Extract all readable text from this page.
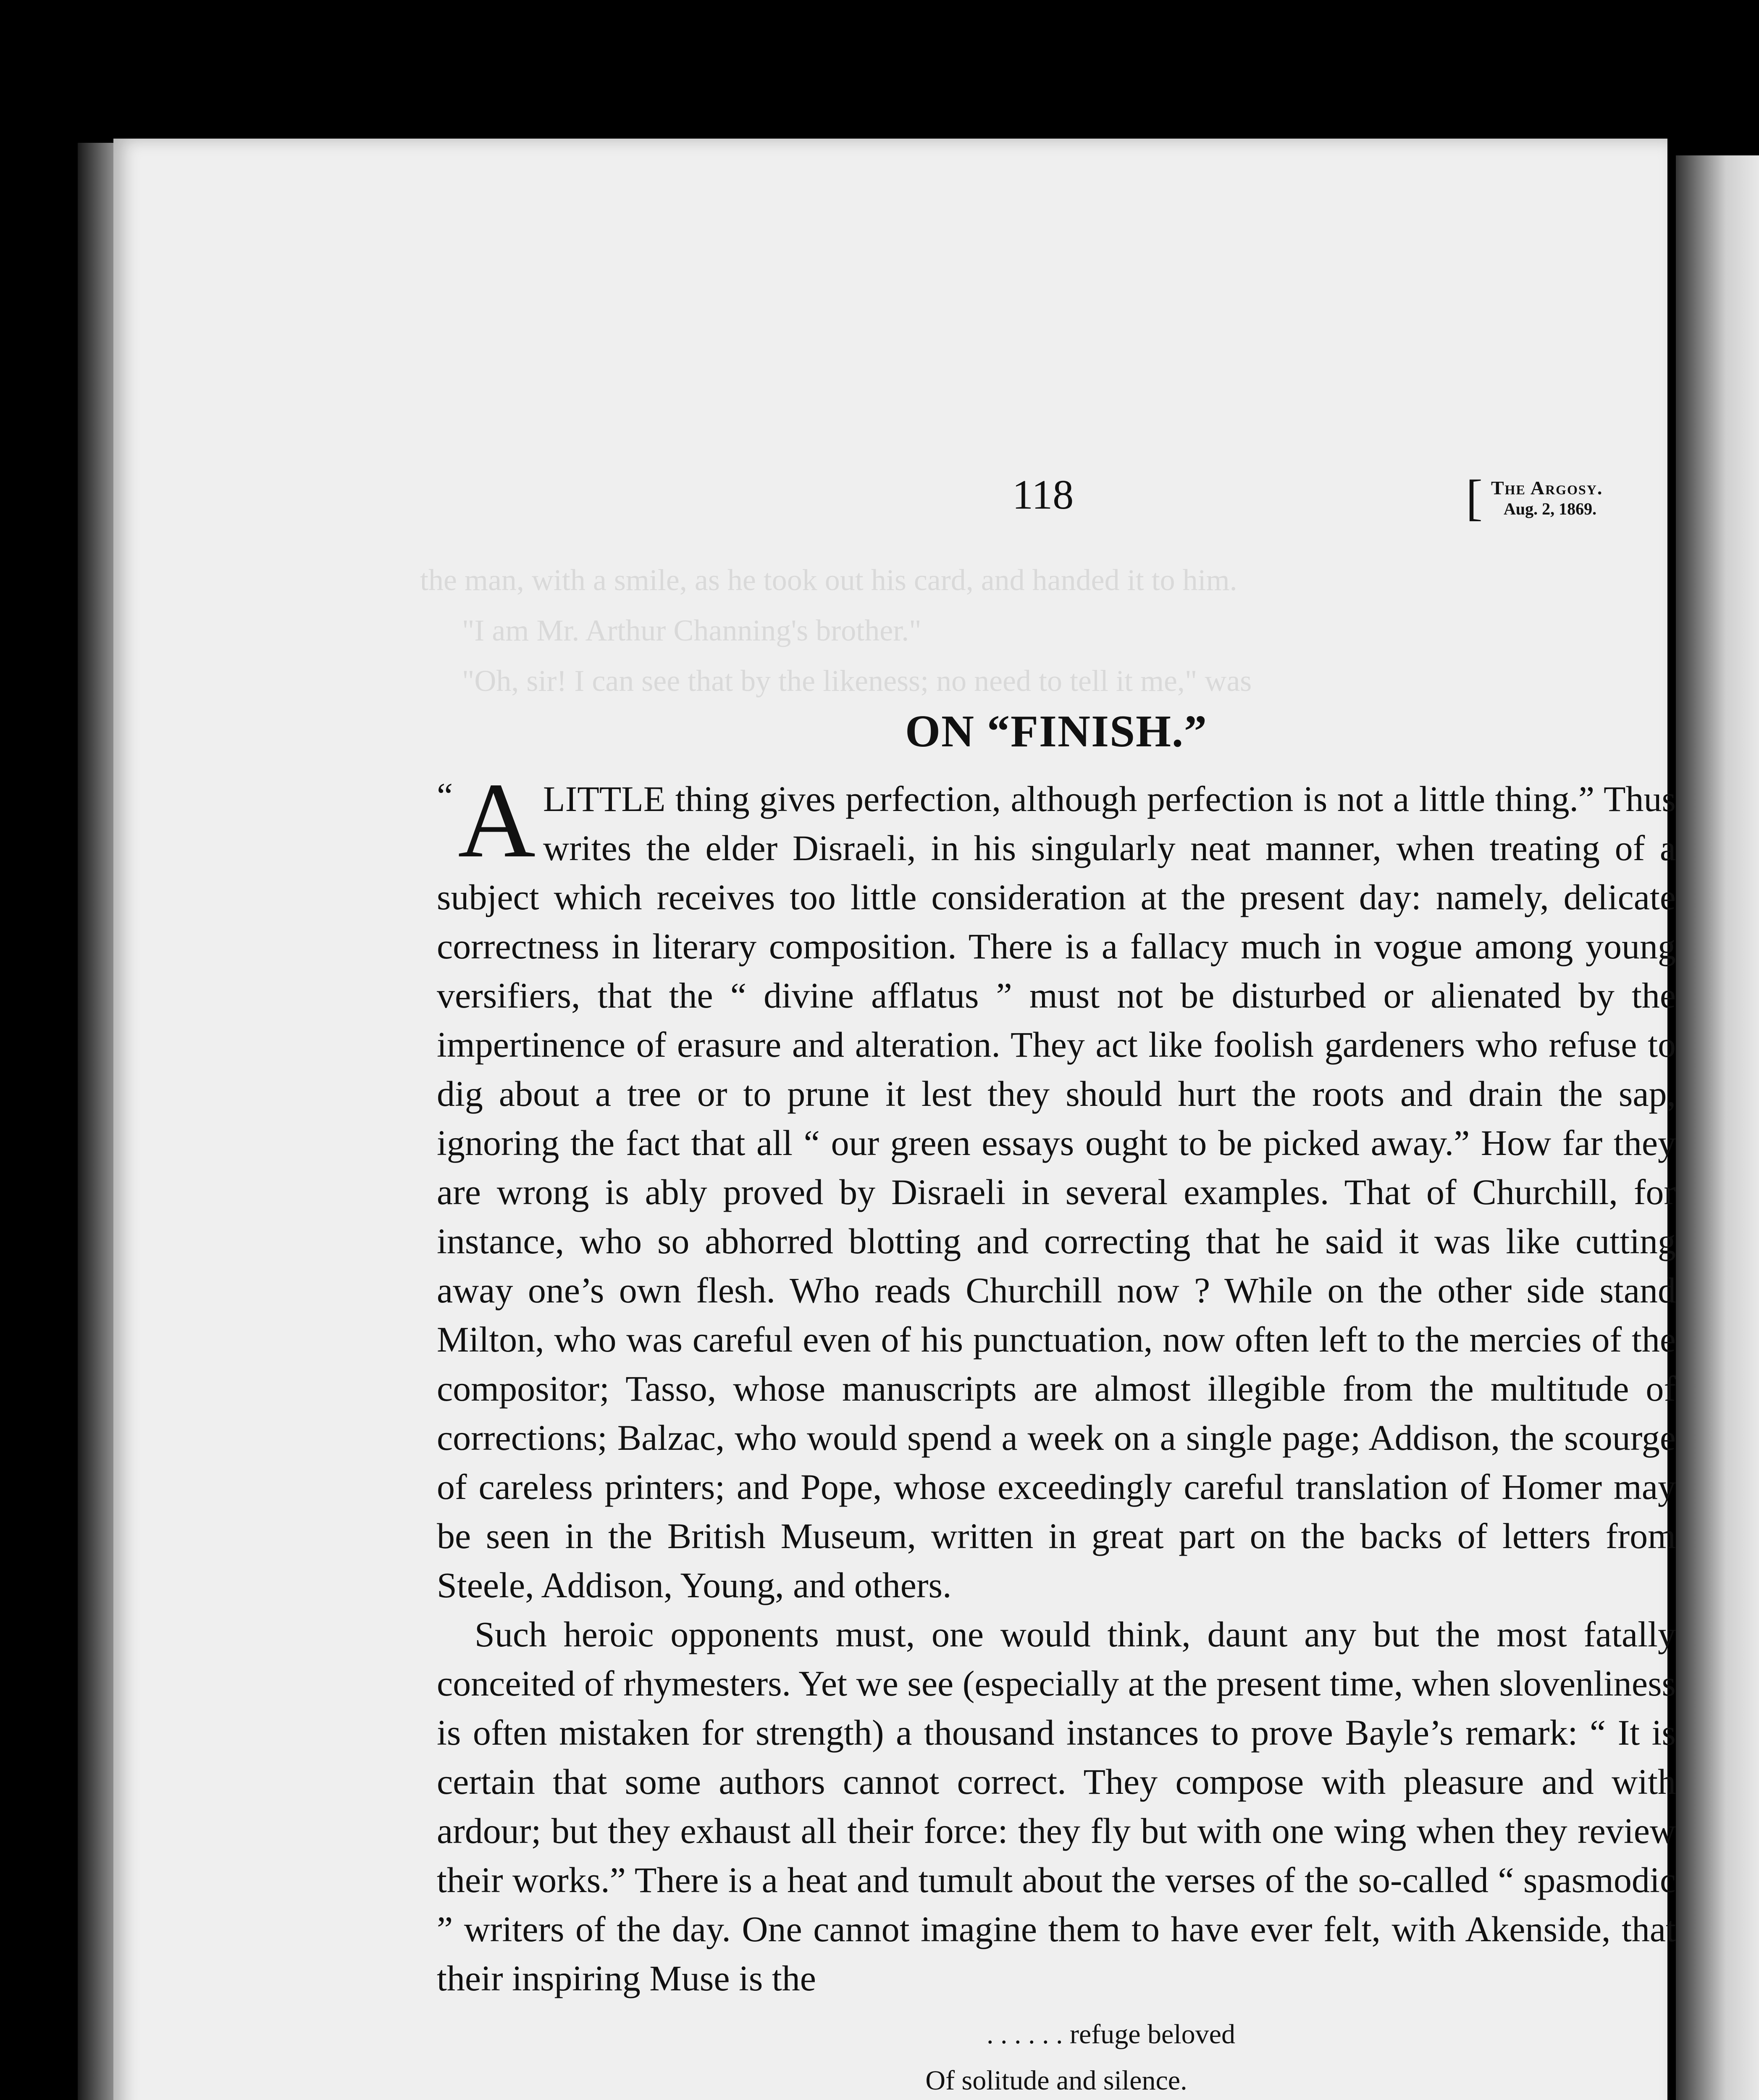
the man, with a smile, as he took out his card, and handed it to him.
"I am Mr. Arthur Channing's brother."
"Oh, sir! I can see that by the likeness; no need to tell it me," was
118	[ The Argosy.
Aug. 2, 1869.
ON “FINISH.”

“ A LITTLE thing gives perfection, although perfection is not a little thing.” Thus writes the elder Disraeli, in his singularly neat manner, when treating of a subject which receives too little consideration at the present day: namely, delicate correctness in literary composition. There is a fallacy much in vogue among young versifiers, that the “ divine afflatus ” must not be disturbed or alienated by the impertinence of erasure and alteration. They act like foolish gardeners who refuse to dig about a tree or to prune it lest they should hurt the roots and drain the sap, ignoring the fact that all “ our green essays ought to be picked away.” How far they are wrong is ably proved by Disraeli in several examples. That of Churchill, for instance, who so abhorred blotting and correcting that he said it was like cutting away one’s own flesh. Who reads Churchill now ? While on the other side stand Milton, who was careful even of his punctuation, now often left to the mercies of the compositor; Tasso, whose manuscripts are almost illegible from the multitude of corrections; Balzac, who would spend a week on a single page; Addison, the scourge of careless printers; and Pope, whose exceedingly careful translation of Homer may be seen in the British Museum, written in great part on the backs of letters from Steele, Addison, Young, and others.

Such heroic opponents must, one would think, daunt any but the most fatally conceited of rhymesters. Yet we see (especially at the present time, when slovenliness is often mistaken for strength) a thousand instances to prove Bayle’s remark: “ It is certain that some authors cannot correct. They compose with pleasure and with ardour; but they exhaust all their force: they fly but with one wing when they review their works.” There is a heat and tumult about the verses of the so-called “ spasmodic ” writers of the day. One cannot imagine them to have ever felt, with Akenside, that their inspiring Muse is the

. . . . . . refuge beloved
Of solitude and silence.
